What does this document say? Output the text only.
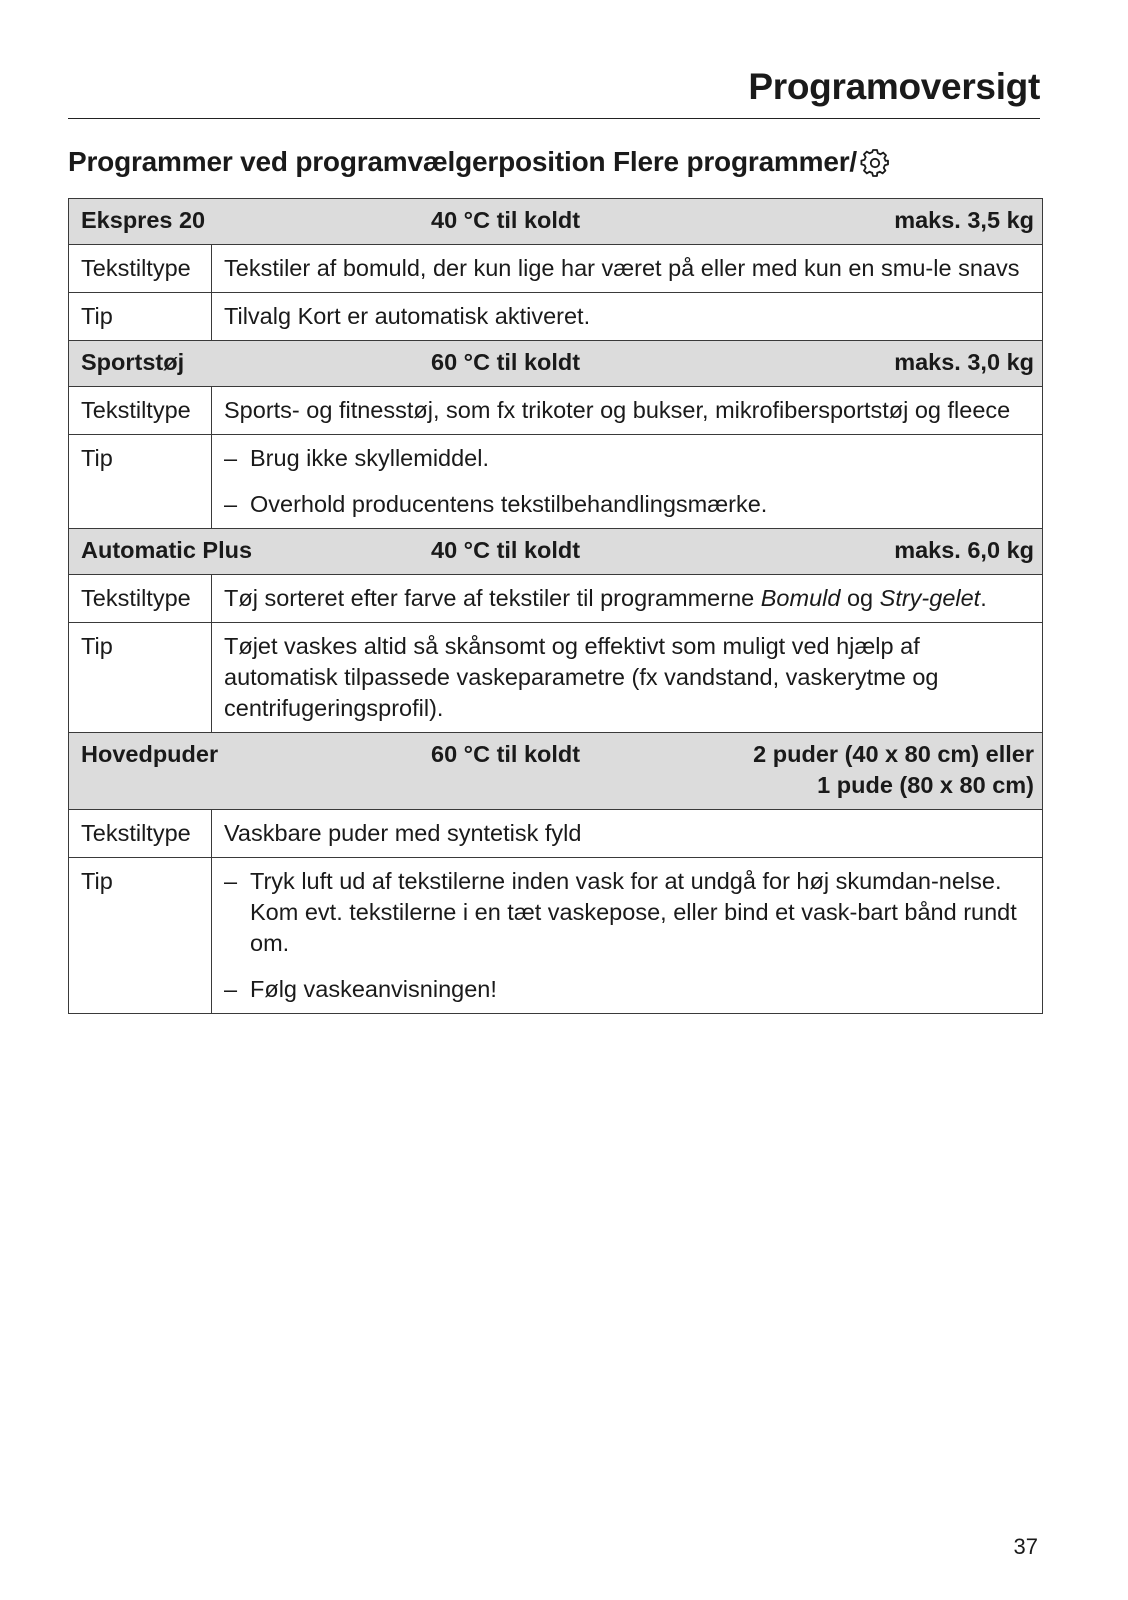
Programoversigt
Programmer ved programvælgerposition Flere programmer/
Ekspres 20 40 °C til koldt maks. 3,5 kg	

Tekstiltype	Tekstiler af bomuld, der kun lige har været på eller med kun en smu-le snavs
Tip	Tilvalg Kort er automatisk aktiveret.

Sportstøj 60 °C til koldt maks. 3,0 kg	

Tekstiltype	Sports- og fitnesstøj, som fx trikoter og bukser, mikrofibersportstøj og fleece
Tip	– Brug ikke skyllemiddel.
– Overhold producentens tekstilbehandlingsmærke.

Automatic Plus 40 °C til koldt maks. 6,0 kg	

Tekstiltype	Tøj sorteret efter farve af tekstiler til programmerne Bomuld og Stry-gelet.
Tip	Tøjet vaskes altid så skånsomt og effektivt som muligt ved hjælp af automatisk tilpassede vaskeparametre (fx vandstand, vaskerytme og centrifugeringsprofil).

Hovedpuder 60 °C til koldt 2 puder (40 x 80 cm) eller
1 pude (80 x 80 cm)	

Tekstiltype	Vaskbare puder med syntetisk fyld
Tip	– Tryk luft ud af tekstilerne inden vask for at undgå for høj skumdan-nelse. Kom evt. tekstilerne i en tæt vaskepose, eller bind et vask-bart bånd rundt om.
– Følg vaskeanvisningen!
37
